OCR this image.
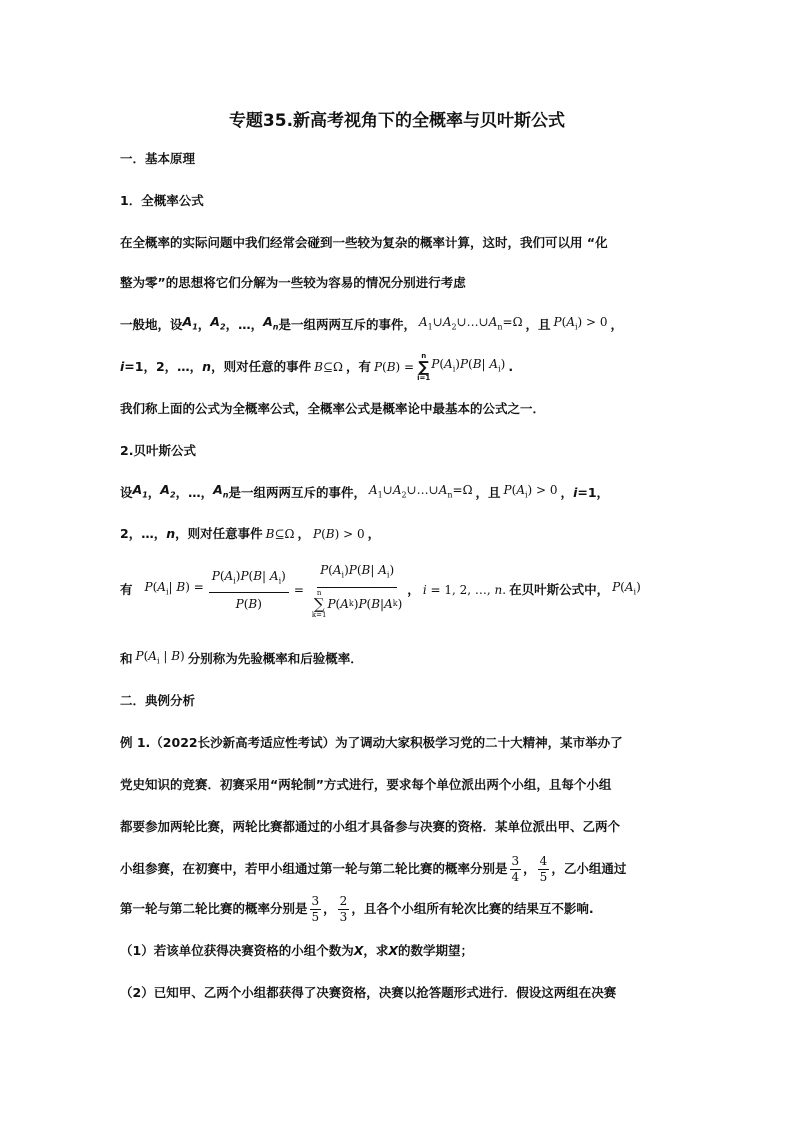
专题35.新高考视角下的全概率与贝叶斯公式
一．基本原理
1．全概率公式
在全概率的实际问题中我们经常会碰到一些较为复杂的概率计算，这时，我们可以用 “化
整为零”的思想将它们分解为一些较为容易的情况分别进行考虑
一般地，设 $A_1$ ， $A_2$ ，…， $A_n$ 是一组两两互斥的事件， $A_1\cup A_2\cup\dots\cup A_n=\Omega$ ，且 $P(A_i) > 0$ ，
i =1，2，…， n ，则对任意的事件 B⊆Ω ，有 P(B) =
n
∑
i=1
$P(A_i)P(B|$ $A_i$) .
我们称上面的公式为全概率公式，全概率公式是概率论中最基本的公式之一．
2.贝叶斯公式
设 $A_1$ ， $A_2$ ，…， $A_n$ 是一组两两互斥的事件， $A_1\cup A_2\cup\dots\cup A_n=\Omega$ ，且 $P(A_i) > 0$ ， i =1，
2，…， n ，则对任意事件 B⊆Ω ， P(B) > 0 ，
有 $P(A_i|$ $B) = \frac{P(A_i)P(B| A_i)}{P ( B )} = P(A_i)P(B|$ $A_i$)
n
∑
k=1
P ( A k ) P ( B | A k ) ， i = 1, 2, …, n. 在贝叶斯公式中， $P(A_i)$
和 $P(A_i$ | B) 分别称为先验概率和后验概率．
二．典例分析
例 1.（2022长沙新高考适应性考试）为了调动大家积极学习党的二十大精神，某市举办了
党史知识的竞赛．初赛采用“两轮制”方式进行，要求每个单位派出两个小组，且每个小组
都要参加两轮比赛，两轮比赛都通过的小组才具备参与决赛的资格．某单位派出甲、乙两个
小组参赛，在初赛中，若甲小组通过第一轮与第二轮比赛的概率分别是 $\frac{3}{4}$ ， $\frac{4}{5}$ ，乙小组通过
第一轮与第二轮比赛的概率分别是 $\frac{3}{5}$ ， $\frac{2}{3}$ ，且各个小组所有轮次比赛的结果互不影响.
（1）若该单位获得决赛资格的小组个数为 X ，求 X 的数学期望；
（2）已知甲、乙两个小组都获得了决赛资格，决赛以抢答题形式进行．假设这两组在决赛
